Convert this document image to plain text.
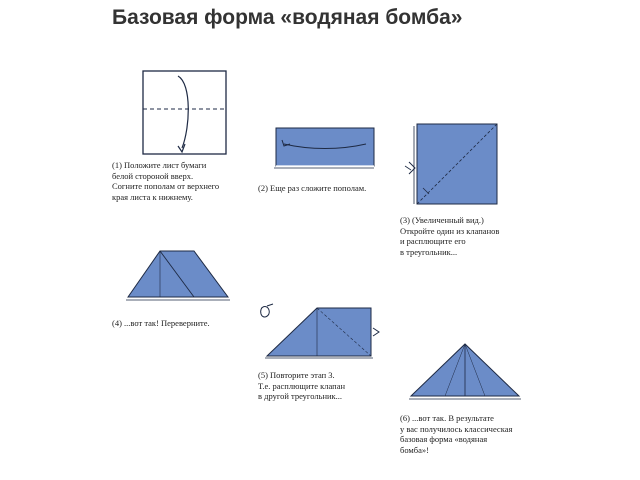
Базовая форма «водяная бомба»
(1) Положите лист бумаги
белой стороной вверх.
Согните пополам от верхнего
края листа к нижнему.
(2) Еще раз сложите пополам.
(3) (Увеличенный вид.)
Откройте один из клапанов
и расплющите его
в треугольник...
(4) ...вот так! Переверните.
(5) Повторите этап 3.
Т.е. расплющите клапан
в другой треугольник...
(6) ...вот так. В результате
у вас получилось классическая
базовая форма «водяная
бомба»!
